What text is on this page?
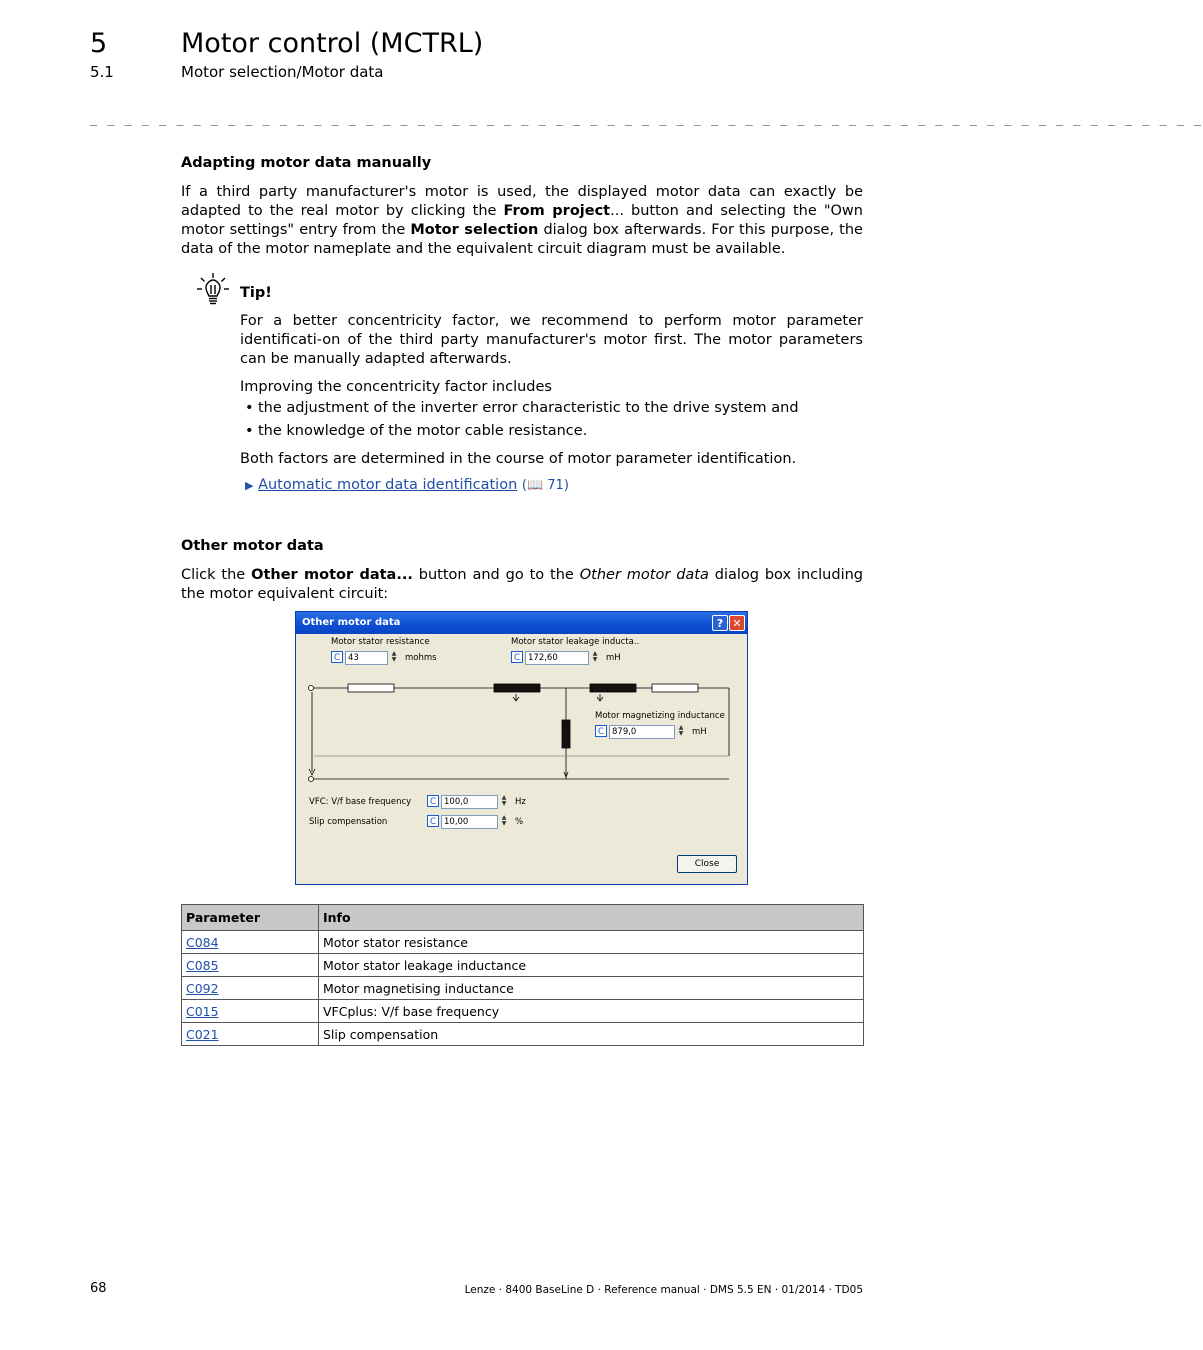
5	Motor control (MCTRL)
5.1	Motor selection/Motor data
_ _ _ _ _ _ _ _ _ _ _ _ _ _ _ _ _ _ _ _ _ _ _ _ _ _ _ _ _ _ _ _ _ _ _ _ _ _ _ _ _ _ _ _ _ _ _ _ _ _ _ _ _ _ _ _ _ _ _ _ _ _ _ _ _
Adapting motor data manually
If a third party manufacturer's motor is used, the displayed motor data can exactly be adapted to the real motor by clicking the From project... button and selecting the "Own motor settings" entry from the Motor selection dialog box afterwards. For this purpose, the data of the motor nameplate and the equivalent circuit diagram must be available.
Tip!
For a better concentricity factor, we recommend to perform motor parameter identificati-on of the third party manufacturer's motor first. The motor parameters can be manually adapted afterwards.
Improving the concentricity factor includes
• the adjustment of the inverter error characteristic to the drive system and
• the knowledge of the motor cable resistance.
Both factors are determined in the course of motor parameter identification.
▶ Automatic motor data identification (📖 71)
Other motor data
Click the Other motor data... button and go to the Other motor data dialog box including the motor equivalent circuit:
Other motor data	? ✕
Motor stator resistance
C 43	▲
▼	mohms
Motor stator leakage inducta..
C 172,60	▲
▼	mH
Motor magnetizing inductance
C 879,0	▲
▼	mH
VFC: V/f base frequency	C 100,0	▲
▼	Hz
Slip compensation	C 10,00	▲
▼	%
Close
Parameter	Info
C084	Motor stator resistance
C085	Motor stator leakage inductance
C092	Motor magnetising inductance
C015	VFCplus: V/f base frequency
C021	Slip compensation
68	Lenze · 8400 BaseLine D · Reference manual · DMS 5.5 EN · 01/2014 · TD05
